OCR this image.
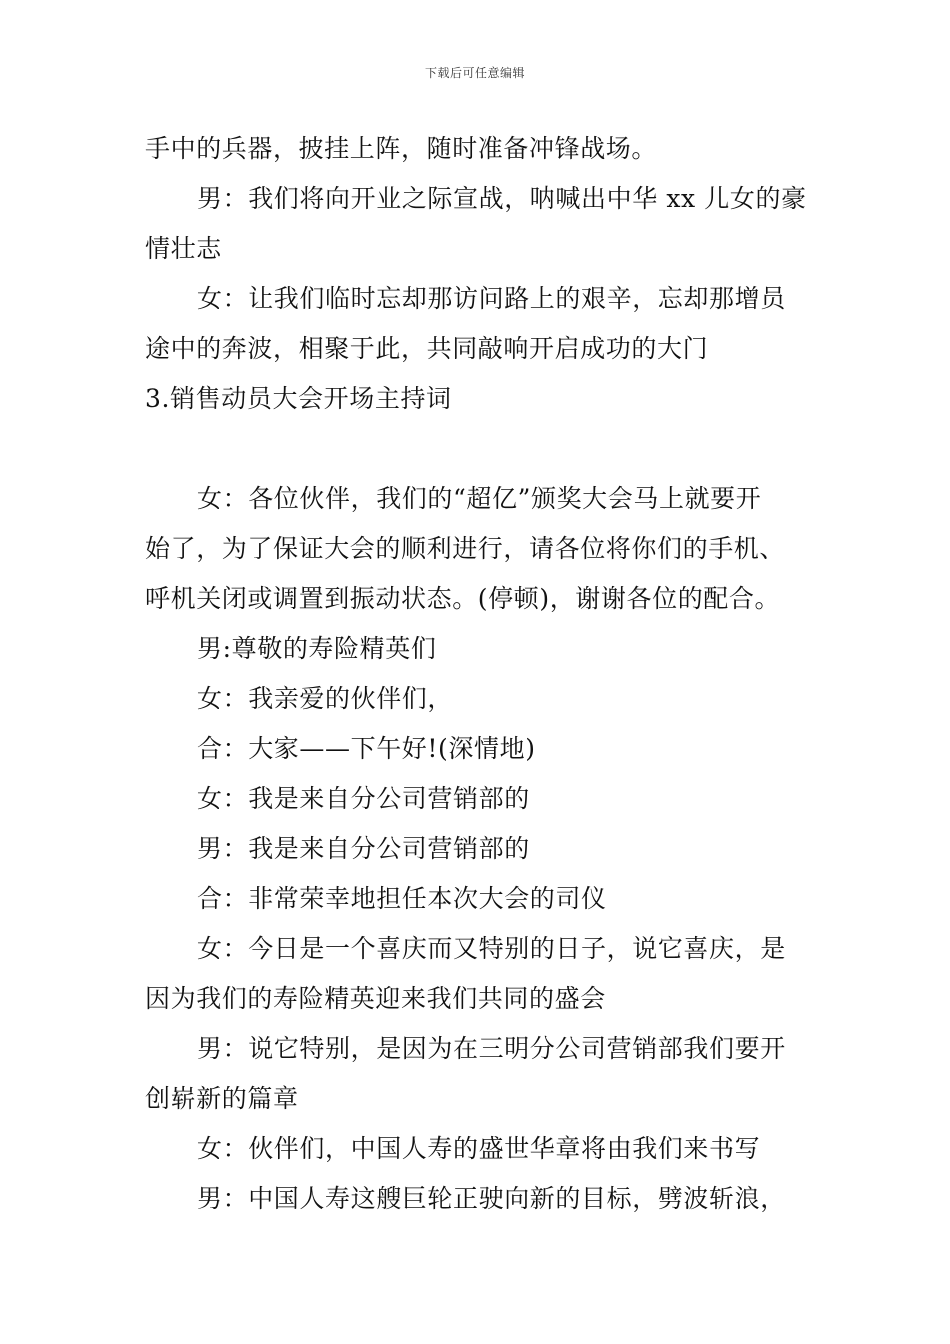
下载后可任意编辑
手中的兵器，披挂上阵，随时准备冲锋战场。
男：我们将向开业之际宣战，呐喊出中华 xx 儿女的豪
情壮志
女：让我们临时忘却那访问路上的艰辛，忘却那增员
途中的奔波，相聚于此，共同敲响开启成功的大门
3.销售动员大会开场主持词
女：各位伙伴，我们的“超亿”颁奖大会马上就要开
始了，为了保证大会的顺利进行，请各位将你们的手机、
呼机关闭或调置到振动状态。(停顿)，谢谢各位的配合。
男:尊敬的寿险精英们
女：我亲爱的伙伴们，
合：大家——下午好!(深情地)
女：我是来自分公司营销部的
男：我是来自分公司营销部的
合：非常荣幸地担任本次大会的司仪
女：今日是一个喜庆而又特别的日子，说它喜庆，是
因为我们的寿险精英迎来我们共同的盛会
男：说它特别，是因为在三明分公司营销部我们要开
创崭新的篇章
女：伙伴们，中国人寿的盛世华章将由我们来书写
男：中国人寿这艘巨轮正驶向新的目标，劈波斩浪，
